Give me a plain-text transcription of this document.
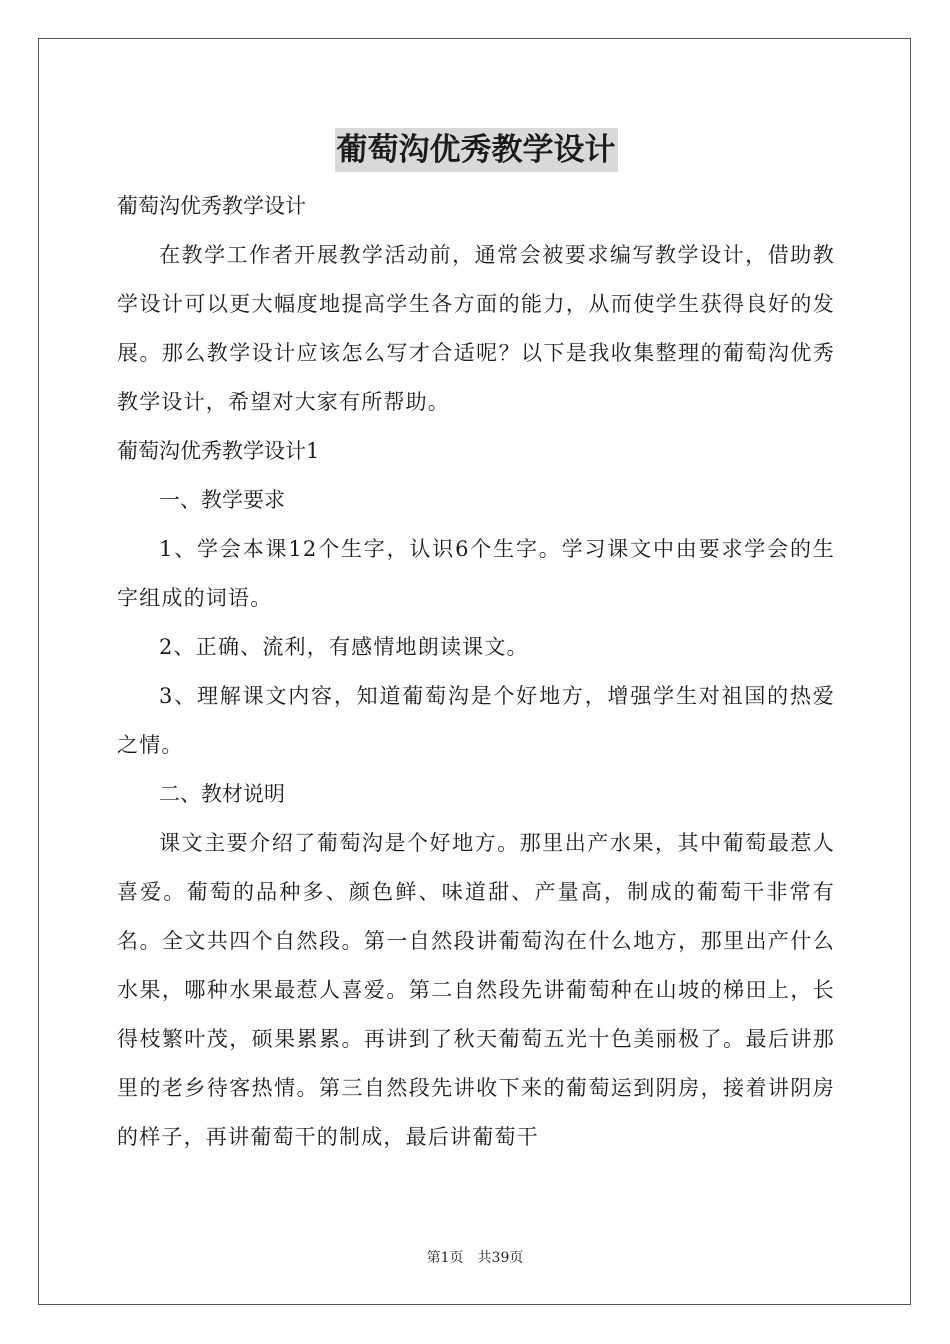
葡萄沟优秀教学设计

葡萄沟优秀教学设计

在教学工作者开展教学活动前，通常会被要求编写教学设计，借助教学设计可以更大幅度地提高学生各方面的能力，从而使学生获得良好的发展。那么教学设计应该怎么写才合适呢？以下是我收集整理的葡萄沟优秀教学设计，希望对大家有所帮助。

葡萄沟优秀教学设计1

一、教学要求

1、学会本课12个生字，认识6个生字。学习课文中由要求学会的生字组成的词语。

2、正确、流利，有感情地朗读课文。

3、理解课文内容，知道葡萄沟是个好地方，增强学生对祖国的热爱之情。

二、教材说明

课文主要介绍了葡萄沟是个好地方。那里出产水果，其中葡萄最惹人喜爱。葡萄的品种多、颜色鲜、味道甜、产量高，制成的葡萄干非常有名。全文共四个自然段。第一自然段讲葡萄沟在什么地方，那里出产什么水果，哪种水果最惹人喜爱。第二自然段先讲葡萄种在山坡的梯田上，长得枝繁叶茂，硕果累累。再讲到了秋天葡萄五光十色美丽极了。最后讲那里的老乡待客热情。第三自然段先讲收下来的葡萄运到阴房，接着讲阴房的样子，再讲葡萄干的制成，最后讲葡萄干

第1页　共39页
